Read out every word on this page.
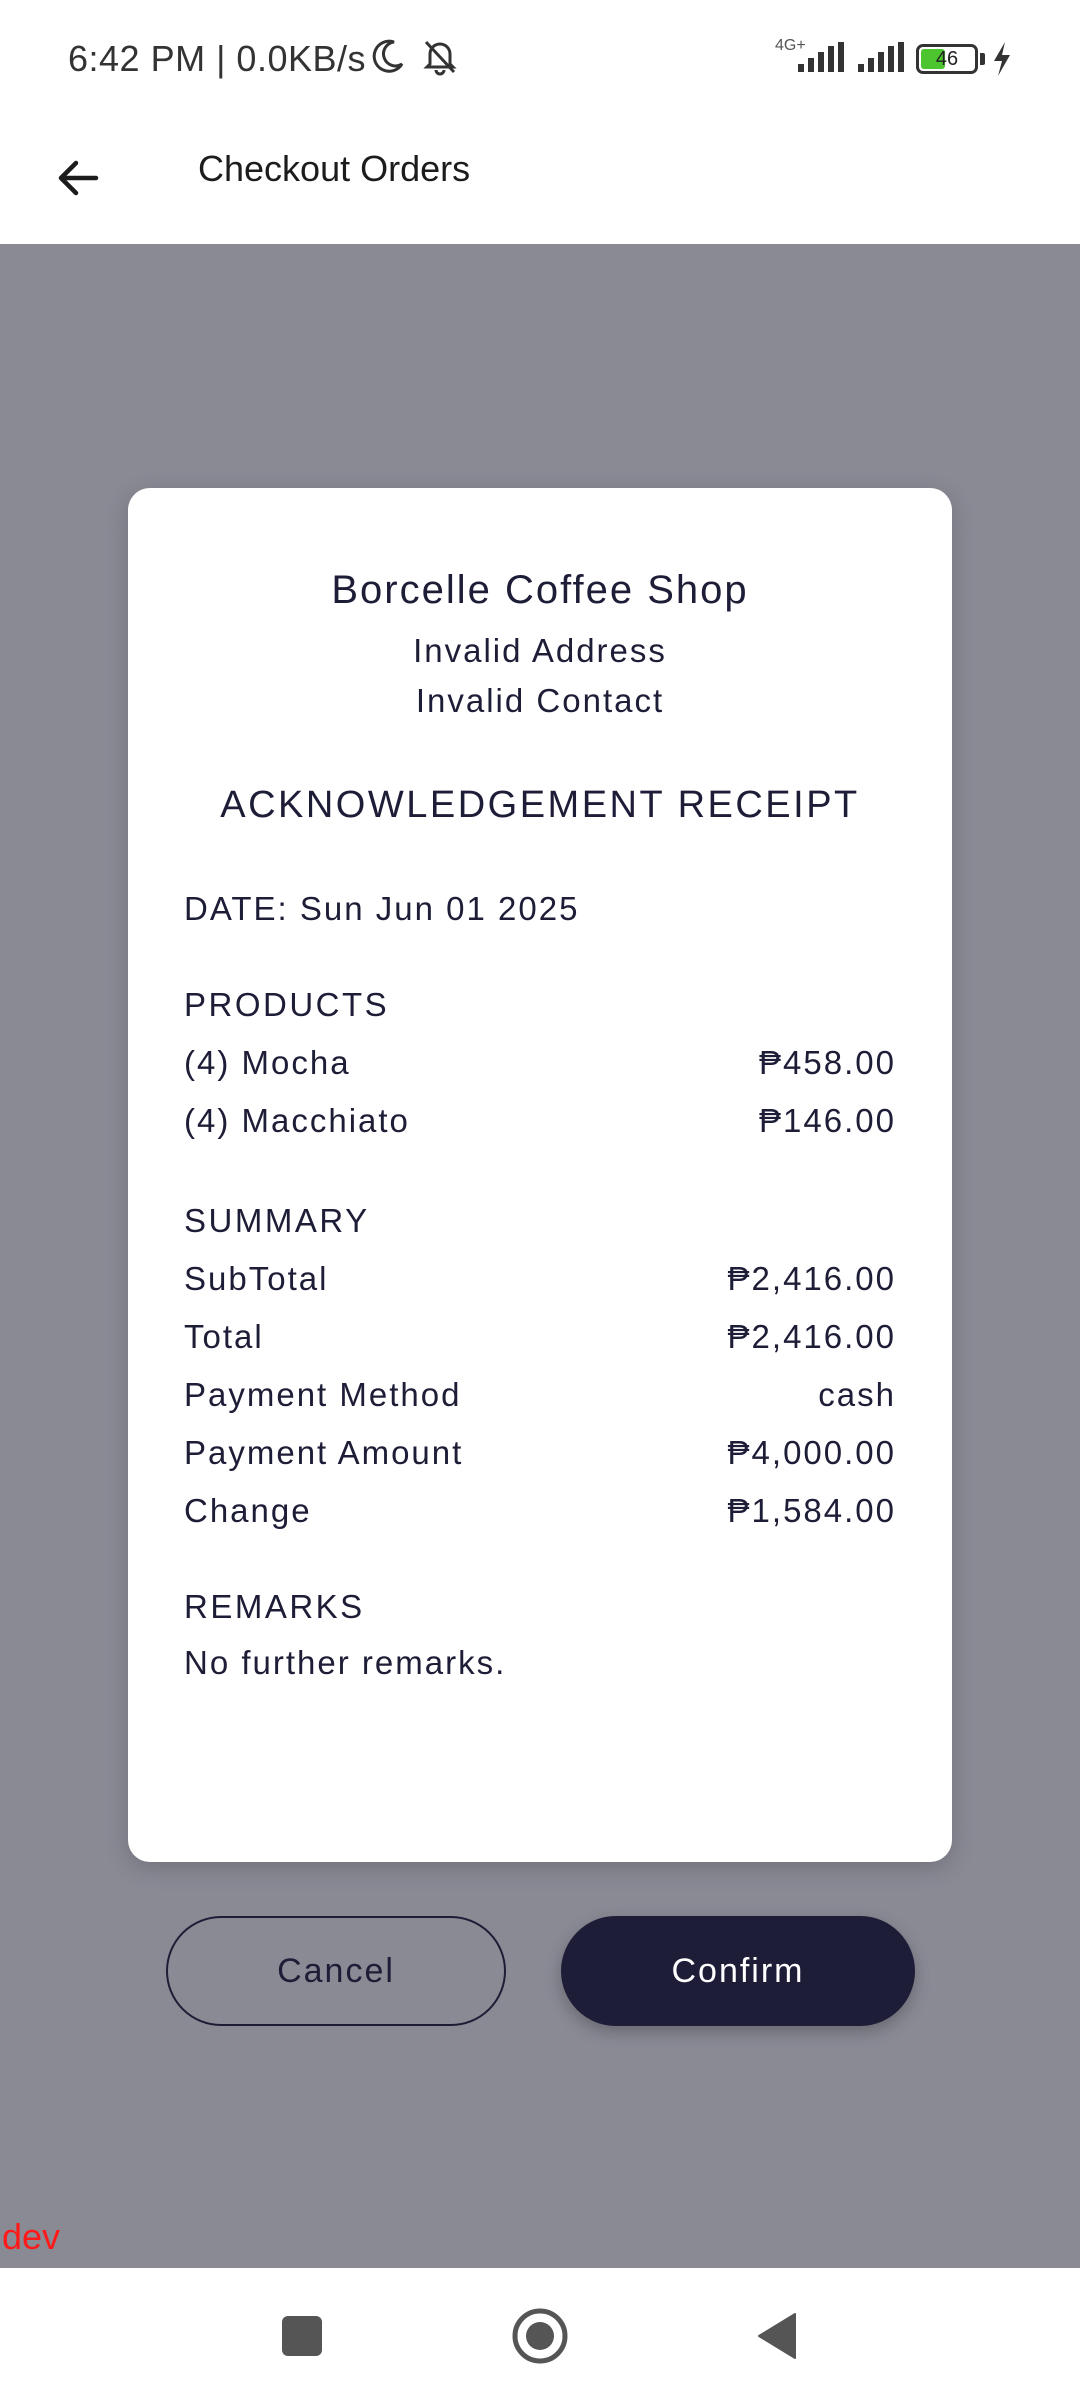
6:42 PM | 0.0KB/s	4G+
46
Checkout Orders
Borcelle Coffee Shop
Invalid Address
Invalid Contact
ACKNOWLEDGEMENT RECEIPT
DATE: Sun Jun 01 2025
PRODUCTS
(4) Mocha	₱458.00
(4) Macchiato	₱146.00
SUMMARY
SubTotal	₱2,416.00
Total	₱2,416.00
Payment Method	cash
Payment Amount	₱4,000.00
Change	₱1,584.00
REMARKS
No further remarks.
Cancel	Confirm
dev
